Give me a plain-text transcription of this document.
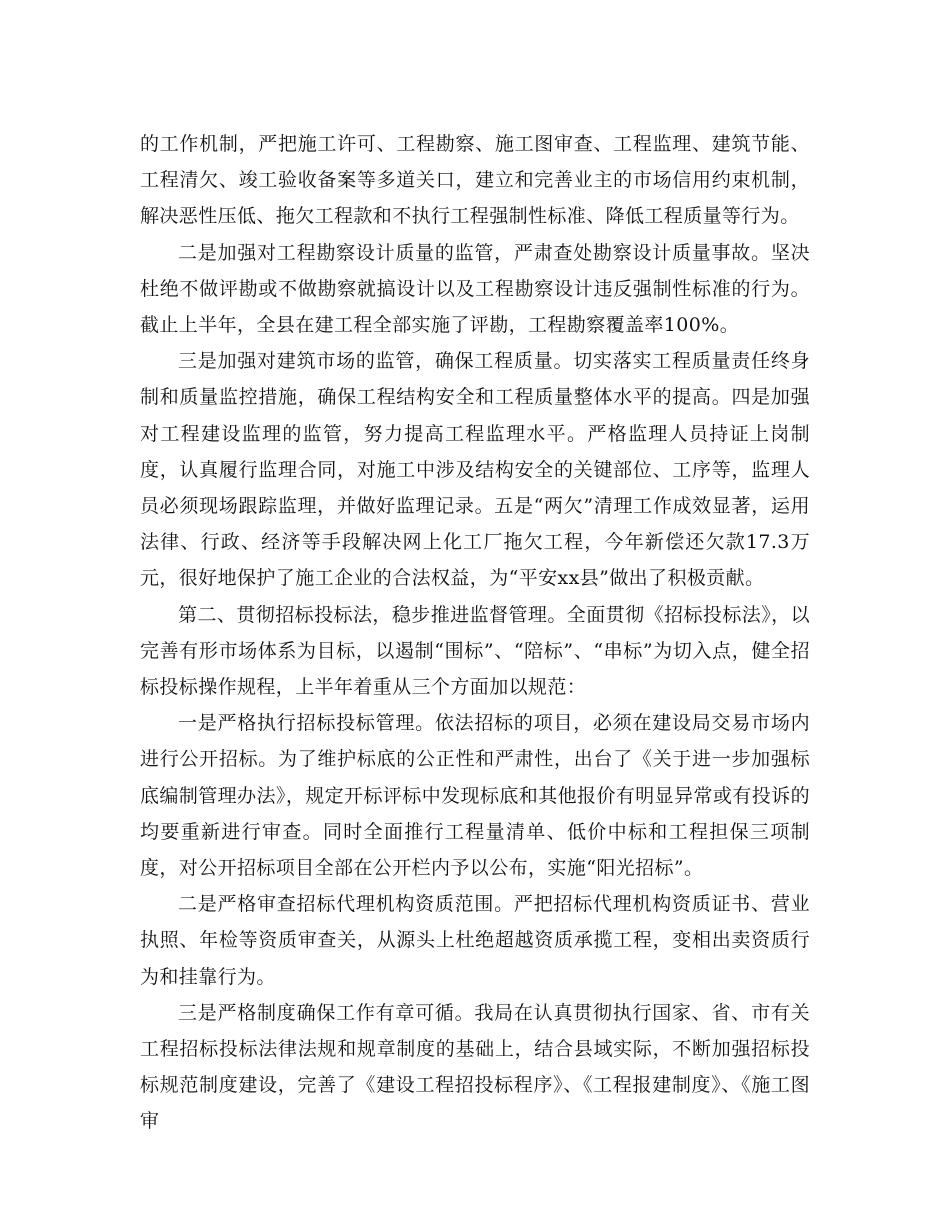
的工作机制，严把施工许可、工程勘察、施工图审查、工程监理、建筑节能、工程清欠、竣工验收备案等多道关口，建立和完善业主的市场信用约束机制，解决恶性压低、拖欠工程款和不执行工程强制性标准、降低工程质量等行为。

二是加强对工程勘察设计质量的监管，严肃查处勘察设计质量事故。坚决杜绝不做评勘或不做勘察就搞设计以及工程勘察设计违反强制性标准的行为。截止上半年，全县在建工程全部实施了评勘，工程勘察覆盖率100%。

三是加强对建筑市场的监管，确保工程质量。切实落实工程质量责任终身制和质量监控措施，确保工程结构安全和工程质量整体水平的提高。四是加强对工程建设监理的监管，努力提高工程监理水平。严格监理人员持证上岗制度，认真履行监理合同，对施工中涉及结构安全的关键部位、工序等，监理人员必须现场跟踪监理，并做好监理记录。五是“两欠”清理工作成效显著，运用法律、行政、经济等手段解决网上化工厂拖欠工程，今年新偿还欠款17.3万元，很好地保护了施工企业的合法权益，为“平安xx县”做出了积极贡献。

第二、贯彻招标投标法，稳步推进监督管理。全面贯彻《招标投标法》，以完善有形市场体系为目标，以遏制“围标”、“陪标”、“串标”为切入点，健全招标投标操作规程，上半年着重从三个方面加以规范：

一是严格执行招标投标管理。依法招标的项目，必须在建设局交易市场内进行公开招标。为了维护标底的公正性和严肃性，出台了《关于进一步加强标底编制管理办法》，规定开标评标中发现标底和其他报价有明显异常或有投诉的均要重新进行审查。同时全面推行工程量清单、低价中标和工程担保三项制度，对公开招标项目全部在公开栏内予以公布，实施“阳光招标”。

二是严格审查招标代理机构资质范围。严把招标代理机构资质证书、营业执照、年检等资质审查关，从源头上杜绝超越资质承揽工程，变相出卖资质行为和挂靠行为。

三是严格制度确保工作有章可循。我局在认真贯彻执行国家、省、市有关工程招标投标法律法规和规章制度的基础上，结合县域实际，不断加强招标投标规范制度建设，完善了《建设工程招投标程序》、《工程报建制度》、《施工图审
